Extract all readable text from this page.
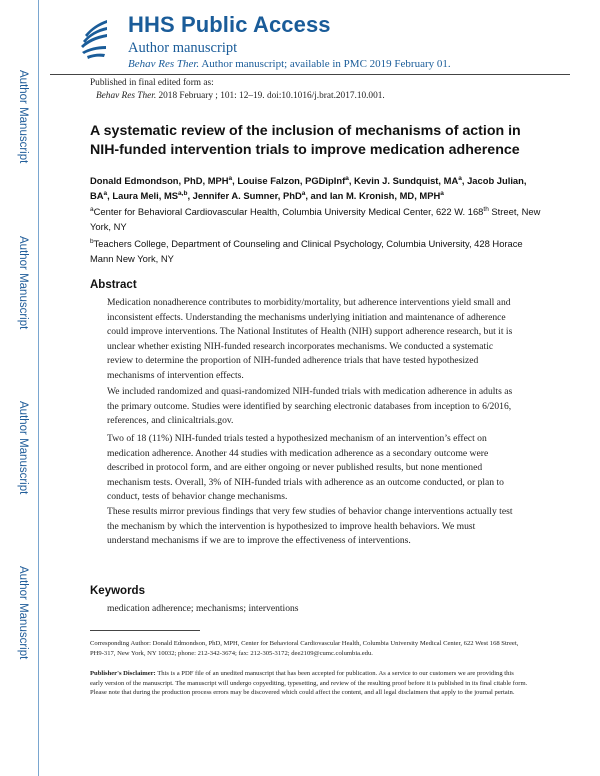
Author Manuscript
Author Manuscript
Author Manuscript
Author Manuscript
HHS Public Access
Author manuscript
Behav Res Ther. Author manuscript; available in PMC 2019 February 01.
Published in final edited form as:
Behav Res Ther. 2018 February ; 101: 12–19. doi:10.1016/j.brat.2017.10.001.
A systematic review of the inclusion of mechanisms of action in NIH-funded intervention trials to improve medication adherence
Donald Edmondson, PhD, MPH$^a$, Louise Falzon, PGDipInf$^a$, Kevin J. Sundquist, $MA^a$, Jacob Julian, $BA^a$, Laura Meli, MS$^{a,b}$, Jennifer A. Sumner, PhD$^a$, and Ian M. Kronish, MD, MPH$^a$
$^a$Center for Behavioral Cardiovascular Health, Columbia University Medical Center, 622 W. 168th Street, New York, NY
$^b$Teachers College, Department of Counseling and Clinical Psychology, Columbia University, 428 Horace Mann New York, NY
Abstract

Medication nonadherence contributes to morbidity/mortality, but adherence interventions yield small and inconsistent effects. Understanding the mechanisms underlying initiation and maintenance of adherence could improve interventions. The National Institutes of Health (NIH) support adherence research, but it is unclear whether existing NIH-funded research incorporates mechanisms. We conducted a systematic review to determine the proportion of NIH-funded adherence trials that have tested hypothesized mechanisms of intervention effects.

We included randomized and quasi-randomized NIH-funded trials with medication adherence in adults as the primary outcome. Studies were identified by searching electronic databases from inception to 6/2016, references, and clinicaltrials.gov.

Two of 18 (11%) NIH-funded trials tested a hypothesized mechanism of an intervention’s effect on medication adherence. Another 44 studies with medication adherence as a secondary outcome were described in protocol form, and are either ongoing or never published results, but none mentioned mechanism tests. Overall, 3% of NIH-funded trials with adherence as an outcome conducted, or plan to conduct, tests of behavior change mechanisms.

These results mirror previous findings that very few studies of behavior change interventions actually test the mechanism by which the intervention is hypothesized to improve health behaviors. We must understand mechanisms if we are to improve the effectiveness of interventions.

Keywords
medication adherence; mechanisms; interventions

Corresponding Author: Donald Edmondson, PhD, MPH, Center for Behavioral Cardiovascular Health, Columbia University Medical Center, 622 West 168 Street, PH9-317, New York, NY 10032; phone: 212-342-3674; fax: 212-305-3172; dee2109@cumc.columbia.edu.

Publisher's Disclaimer: This is a PDF file of an unedited manuscript that has been accepted for publication. As a service to our customers we are providing this early version of the manuscript. The manuscript will undergo copyediting, typesetting, and review of the resulting proof before it is published in its final citable form. Please note that during the production process errors may be discovered which could affect the content, and all legal disclaimers that apply to the journal pertain.
